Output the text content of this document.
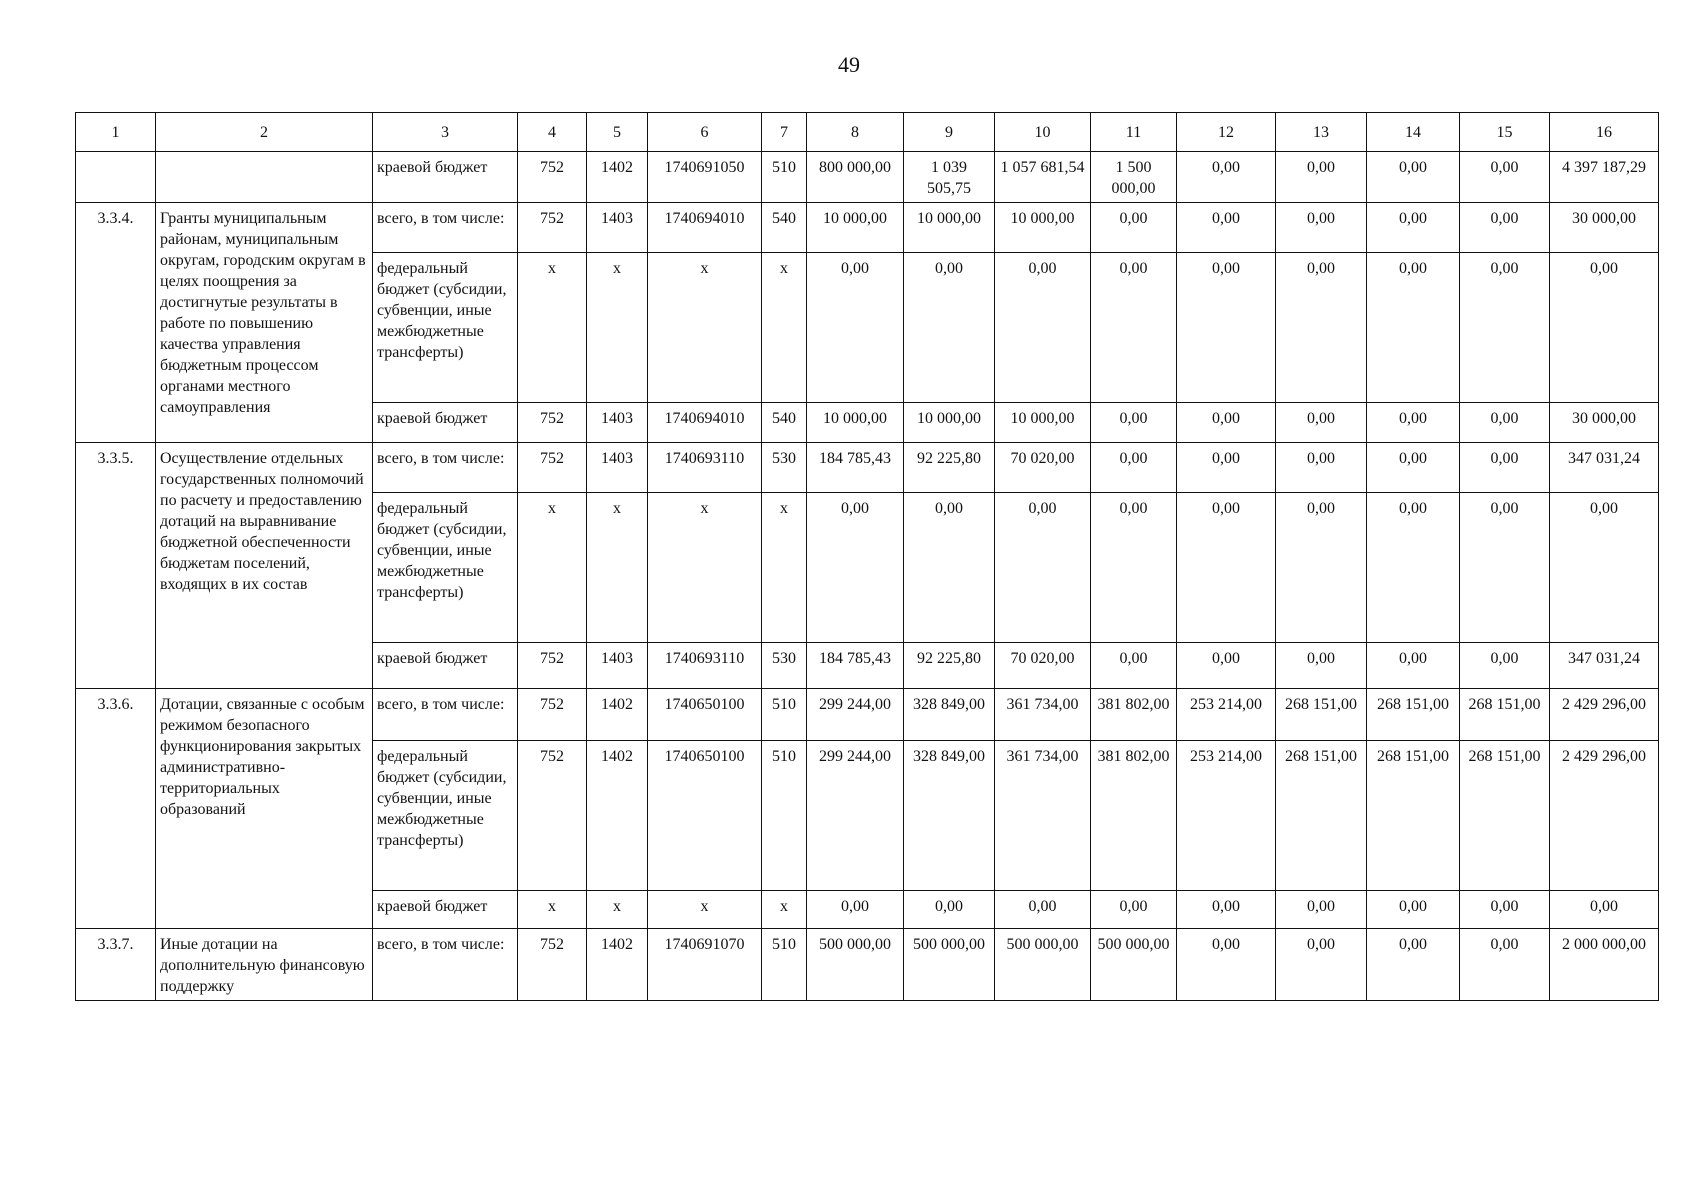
49
1	2	3	4	5	6	7	8	9	10	11	12	13	14	15	16
		краевой бюджет	752	1402	1740691050	510	800 000,00	1 039 505,75	1 057 681,54	1 500 000,00	0,00	0,00	0,00	0,00	4 397 187,29
3.3.4.	Гранты муниципальным районам, муниципальным округам, городским округам в целях поощрения за достигнутые результаты в работе по повышению качества управления бюджетным процессом органами местного самоуправления	всего, в том числе:	752	1403	1740694010	540	10 000,00	10 000,00	10 000,00	0,00	0,00	0,00	0,00	0,00	30 000,00
		федеральный бюджет (субсидии, субвенции, иные межбюджетные трансферты)	х	х	х	х	0,00	0,00	0,00	0,00	0,00	0,00	0,00	0,00	0,00
		краевой бюджет	752	1403	1740694010	540	10 000,00	10 000,00	10 000,00	0,00	0,00	0,00	0,00	0,00	30 000,00
3.3.5.	Осуществление отдельных государственных полномочий по расчету и предоставлению дотаций на выравнивание бюджетной обеспеченности бюджетам поселений, входящих в их состав	всего, в том числе:	752	1403	1740693110	530	184 785,43	92 225,80	70 020,00	0,00	0,00	0,00	0,00	0,00	347 031,24
		федеральный бюджет (субсидии, субвенции, иные межбюджетные трансферты)	х	х	х	х	0,00	0,00	0,00	0,00	0,00	0,00	0,00	0,00	0,00
		краевой бюджет	752	1403	1740693110	530	184 785,43	92 225,80	70 020,00	0,00	0,00	0,00	0,00	0,00	347 031,24
3.3.6.	Дотации, связанные с особым режимом безопасного функционирования закрытых административно-территориальных образований	всего, в том числе:	752	1402	1740650100	510	299 244,00	328 849,00	361 734,00	381 802,00	253 214,00	268 151,00	268 151,00	268 151,00	2 429 296,00
		федеральный бюджет (субсидии, субвенции, иные межбюджетные трансферты)	752	1402	1740650100	510	299 244,00	328 849,00	361 734,00	381 802,00	253 214,00	268 151,00	268 151,00	268 151,00	2 429 296,00
		краевой бюджет	х	х	х	х	0,00	0,00	0,00	0,00	0,00	0,00	0,00	0,00	0,00
3.3.7.	Иные дотации на дополнительную финансовую поддержку	всего, в том числе:	752	1402	1740691070	510	500 000,00	500 000,00	500 000,00	500 000,00	0,00	0,00	0,00	0,00	2 000 000,00
